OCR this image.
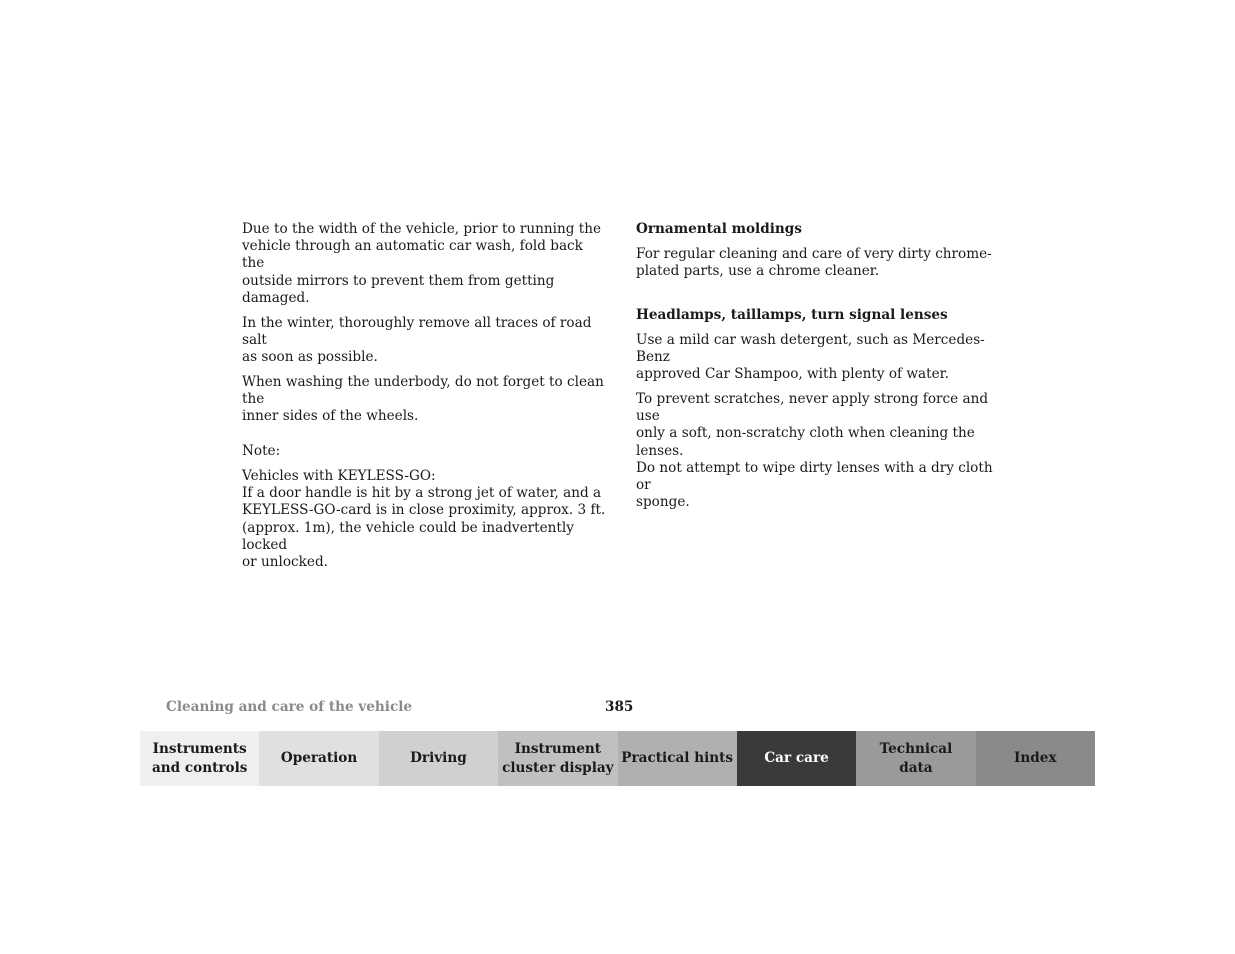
Due to the width of the vehicle, prior to running the
vehicle through an automatic car wash, fold back the
outside mirrors to prevent them from getting damaged.

In the winter, thoroughly remove all traces of road salt
as soon as possible.

When washing the underbody, do not forget to clean the
inner sides of the wheels.

Note:

Vehicles with KEYLESS-GO:
If a door handle is hit by a strong jet of water, and a
KEYLESS-GO-card is in close proximity, approx. 3 ft.
(approx. 1m), the vehicle could be inadvertently locked
or unlocked.

Ornamental moldings

For regular cleaning and care of very dirty chrome-
plated parts, use a chrome cleaner.

Headlamps, taillamps, turn signal lenses

Use a mild car wash detergent, such as Mercedes-Benz
approved Car Shampoo, with plenty of water.

To prevent scratches, never apply strong force and use
only a soft, non-scratchy cloth when cleaning the lenses.
Do not attempt to wipe dirty lenses with a dry cloth or
sponge.

Cleaning and care of the vehicle	385
Instruments
and controls
Operation	Driving
Instrument
cluster display
Practical hints Car care
Technical
data
Index
